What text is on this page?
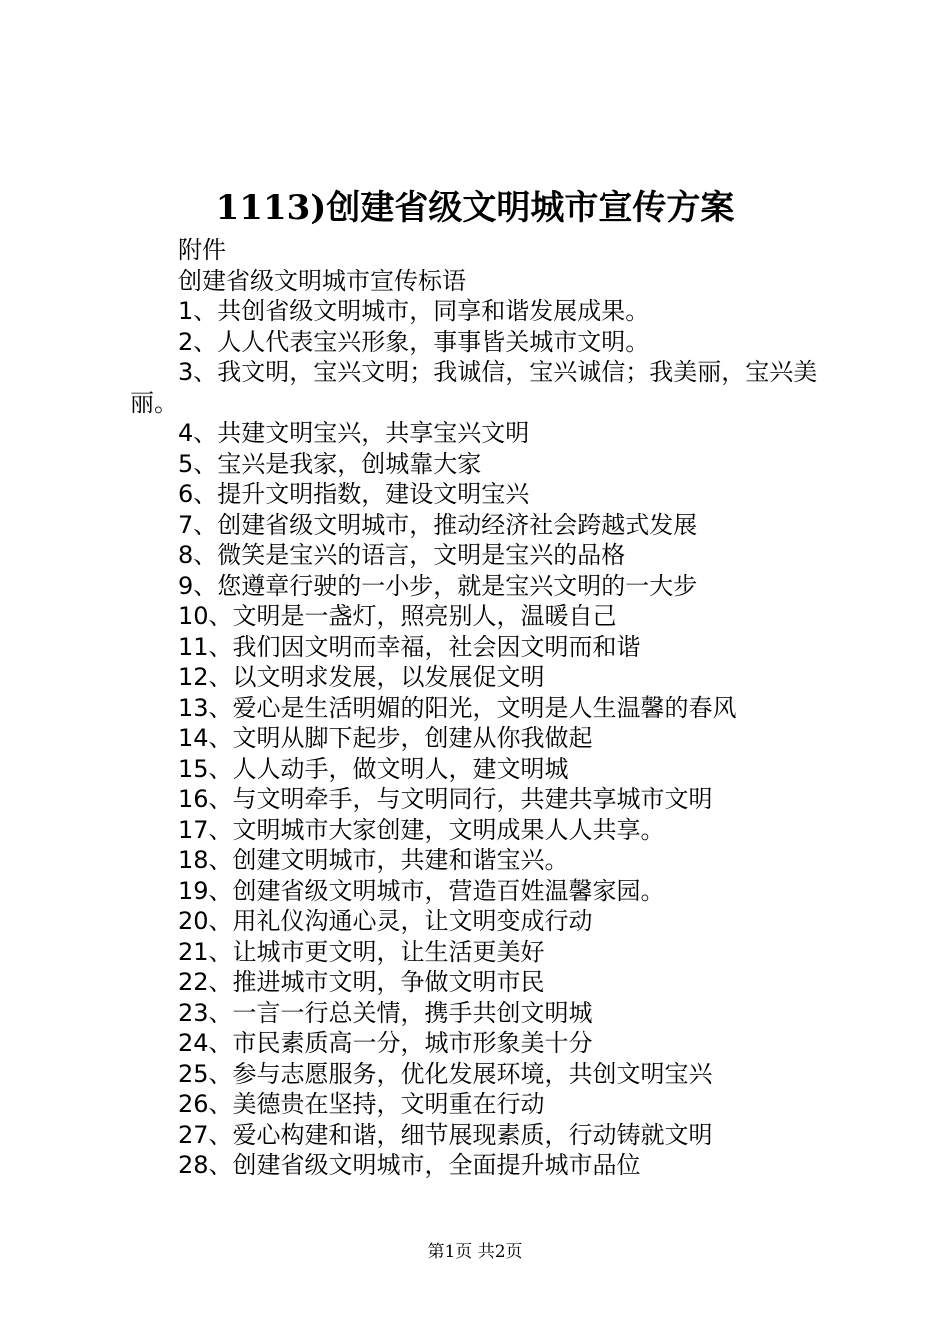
1113)创建省级文明城市宣传方案

附件

创建省级文明城市宣传标语

1、共创省级文明城市，同享和谐发展成果。

2、人人代表宝兴形象，事事皆关城市文明。

3、我文明，宝兴文明；我诚信，宝兴诚信；我美丽，宝兴美丽。

4、共建文明宝兴，共享宝兴文明

5、宝兴是我家，创城靠大家

6、提升文明指数，建设文明宝兴

7、创建省级文明城市，推动经济社会跨越式发展

8、微笑是宝兴的语言，文明是宝兴的品格

9、您遵章行驶的一小步，就是宝兴文明的一大步

10、文明是一盏灯，照亮别人，温暖自己

11、我们因文明而幸福，社会因文明而和谐

12、以文明求发展，以发展促文明

13、爱心是生活明媚的阳光，文明是人生温馨的春风

14、文明从脚下起步，创建从你我做起

15、人人动手，做文明人，建文明城

16、与文明牵手，与文明同行，共建共享城市文明

17、文明城市大家创建，文明成果人人共享。

18、创建文明城市，共建和谐宝兴。

19、创建省级文明城市，营造百姓温馨家园。

20、用礼仪沟通心灵，让文明变成行动

21、让城市更文明，让生活更美好

22、推进城市文明，争做文明市民

23、一言一行总关情，携手共创文明城

24、市民素质高一分，城市形象美十分

25、参与志愿服务，优化发展环境，共创文明宝兴

26、美德贵在坚持，文明重在行动

27、爱心构建和谐，细节展现素质，行动铸就文明

28、创建省级文明城市，全面提升城市品位

第1页 共2页
